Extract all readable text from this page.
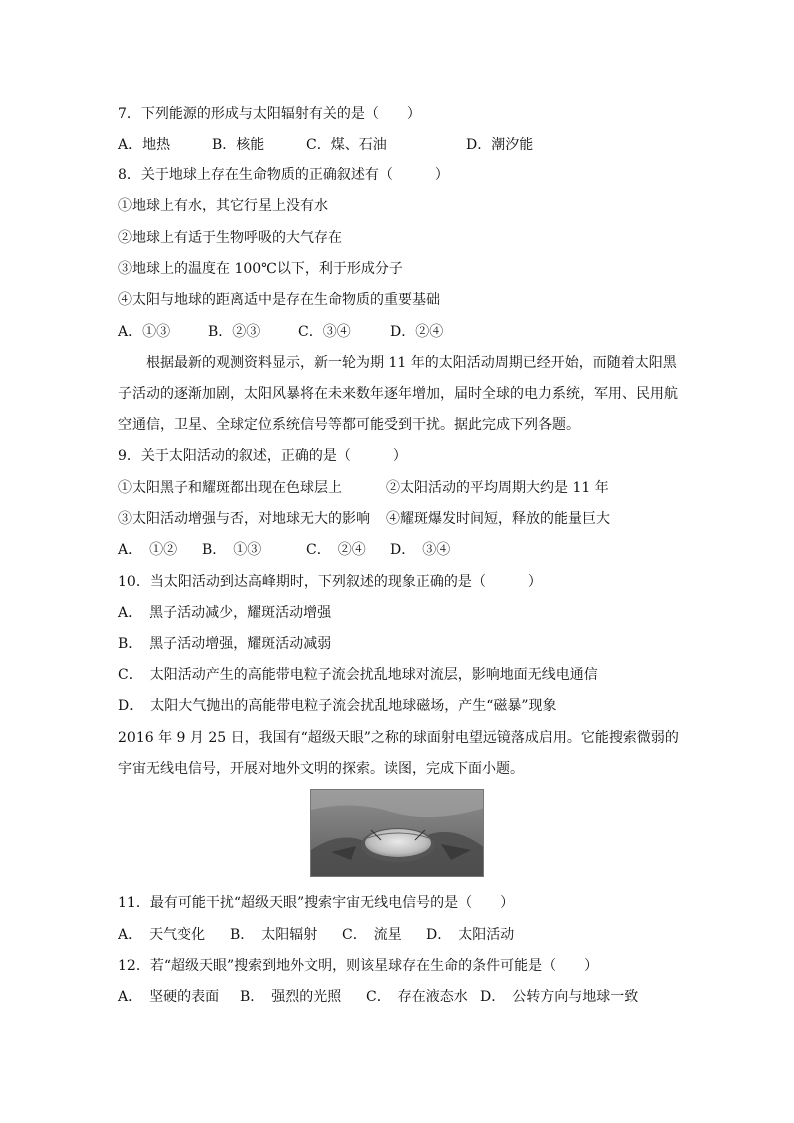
7．下列能源的形成与太阳辐射有关的是（　　）
A．地热	B．核能	C．煤、石油	D．潮汐能
8．关于地球上存在生命物质的正确叙述有（　　　）
①地球上有水，其它行星上没有水
②地球上有适于生物呼吸的大气存在
③地球上的温度在 100℃以下，利于形成分子
④太阳与地球的距离适中是存在生命物质的重要基础
A．①③	B．②③	C．③④	D．②④
根据最新的观测资料显示，新一轮为期 11 年的太阳活动周期已经开始，而随着太阳黑
子活动的逐渐加剧，太阳风暴将在未来数年逐年增加，届时全球的电力系统，军用、民用航
空通信，卫星、全球定位系统信号等都可能受到干扰。据此完成下列各题。
9．关于太阳活动的叙述，正确的是（　　　）
①太阳黑子和耀斑都出现在色球层上	②太阳活动的平均周期大约是 11 年
③太阳活动增强与否，对地球无大的影响 ④耀斑爆发时间短，释放的能量巨大
A．　①② B．　①③	C．　②④ D．　③④
10．当太阳活动到达高峰期时，下列叙述的现象正确的是（　　　）
A．　黑子活动减少，耀斑活动增强
B．　黑子活动增强，耀斑活动减弱
C．　太阳活动产生的高能带电粒子流会扰乱地球对流层，影响地面无线电通信
D．　太阳大气抛出的高能带电粒子流会扰乱地球磁场，产生“磁暴”现象
2016 年 9 月 25 日，我国有“超级天眼”之称的球面射电望远镜落成启用。它能搜索微弱的
宇宙无线电信号，开展对地外文明的探索。读图，完成下面小题。
11．最有可能干扰“超级天眼”搜索宇宙无线电信号的是（　　）
A．　天气变化 B．　太阳辐射 C．　流星 D．　太阳活动
12．若“超级天眼”搜索到地外文明，则该星球存在生命的条件可能是（　　）
A．　坚硬的表面 B．　强烈的光照 C．　存在液态水 D．　公转方向与地球一致
